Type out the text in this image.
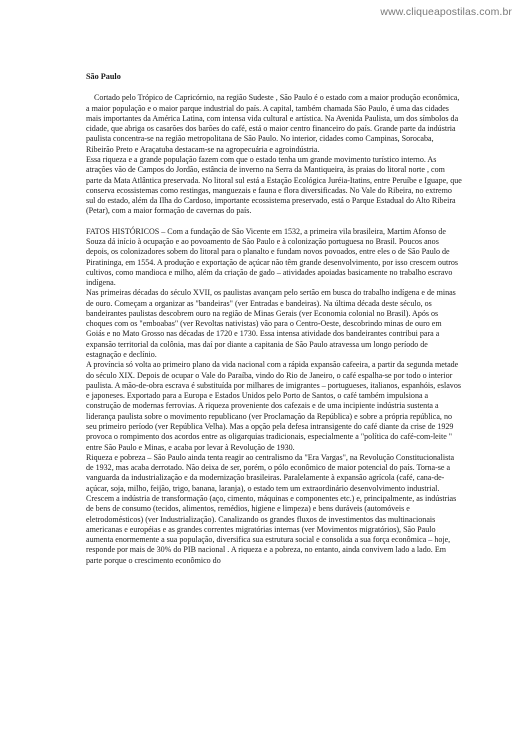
www.cliqueapostilas.com.br
São Paulo

Cortado pelo Trópico de Capricórnio, na região Sudeste , São Paulo é o estado com a maior produção econômica, a maior população e o maior parque industrial do país. A capital, também chamada São Paulo, é uma das cidades mais importantes da América Latina, com intensa vida cultural e artística. Na Avenida Paulista, um dos símbolos da cidade, que abriga os casarões dos barões do café, está o maior centro financeiro do país. Grande parte da indústria paulista concentra-se na região metropolitana de São Paulo. No interior, cidades como Campinas, Sorocaba, Ribeirão Preto e Araçatuba destacam-se na agropecuária e agroindústria.

Essa riqueza e a grande população fazem com que o estado tenha um grande movimento turístico interno. As atrações vão de Campos do Jordão, estância de inverno na Serra da Mantiqueira, às praias do litoral norte , com parte da Mata Atlântica preservada. No litoral sul está a Estação Ecológica Juréia-Itatins, entre Peruíbe e Iguape, que conserva ecossistemas como restingas, manguezais e fauna e flora diversificadas. No Vale do Ribeira, no extremo sul do estado, além da Ilha do Cardoso, importante ecossistema preservado, está o Parque Estadual do Alto Ribeira (Petar), com a maior formação de cavernas do país.

FATOS HISTÓRICOS – Com a fundação de São Vicente em 1532, a primeira vila brasileira, Martim Afonso de Souza dá início à ocupação e ao povoamento de São Paulo e à colonização portuguesa no Brasil. Poucos anos depois, os colonizadores sobem do litoral para o planalto e fundam novos povoados, entre eles o de São Paulo de Piratininga, em 1554. A produção e exportação de açúcar não têm grande desenvolvimento, por isso crescem outros cultivos, como mandioca e milho, além da criação de gado – atividades apoiadas basicamente no trabalho escravo indígena.

Nas primeiras décadas do século XVII, os paulistas avançam pelo sertão em busca do trabalho indígena e de minas de ouro. Começam a organizar as "bandeiras" (ver Entradas e bandeiras). Na última década deste século, os bandeirantes paulistas descobrem ouro na região de Minas Gerais (ver Economia colonial no Brasil). Após os choques com os "emboabas" (ver Revoltas nativistas) vão para o Centro-Oeste, descobrindo minas de ouro em Goiás e no Mato Grosso nas décadas de 1720 e 1730. Essa intensa atividade dos bandeirantes contribui para a expansão territorial da colônia, mas daí por diante a capitania de São Paulo atravessa um longo período de estagnação e declínio.

A província só volta ao primeiro plano da vida nacional com a rápida expansão cafeeira, a partir da segunda metade do século XIX. Depois de ocupar o Vale do Paraíba, vindo do Rio de Janeiro, o café espalha-se por todo o interior paulista. A mão-de-obra escrava é substituída por milhares de imigrantes – portugueses, italianos, espanhóis, eslavos e japoneses. Exportado para a Europa e Estados Unidos pelo Porto de Santos, o café também impulsiona a construção de modernas ferrovias. A riqueza proveniente dos cafezais e de uma incipiente indústria sustenta a liderança paulista sobre o movimento republicano (ver Proclamação da República) e sobre a própria república, no seu primeiro período (ver República Velha). Mas a opção pela defesa intransigente do café diante da crise de 1929 provoca o rompimento dos acordos entre as oligarquias tradicionais, especialmente a "política do café-com-leite " entre São Paulo e Minas, e acaba por levar à Revolução de 1930.

Riqueza e pobreza – São Paulo ainda tenta reagir ao centralismo da "Era Vargas", na Revolução Constitucionalista de 1932, mas acaba derrotado. Não deixa de ser, porém, o pólo econômico de maior potencial do país. Torna-se a vanguarda da industrialização e da modernização brasileiras. Paralelamente à expansão agrícola (café, cana-de-açúcar, soja, milho, feijão, trigo, banana, laranja), o estado tem um extraordinário desenvolvimento industrial. Crescem a indústria de transformação (aço, cimento, máquinas e componentes etc.) e, principalmente, as indústrias de bens de consumo (tecidos, alimentos, remédios, higiene e limpeza) e bens duráveis (automóveis e eletrodomésticos) (ver Industrialização). Canalizando os grandes fluxos de investimentos das multinacionais americanas e européias e as grandes correntes migratórias internas (ver Movimentos migratórios), São Paulo aumenta enormemente a sua população, diversifica sua estrutura social e consolida a sua força econômica – hoje, responde por mais de 30% do PIB nacional . A riqueza e a pobreza, no entanto, ainda convivem lado a lado. Em parte porque o crescimento econômico do
